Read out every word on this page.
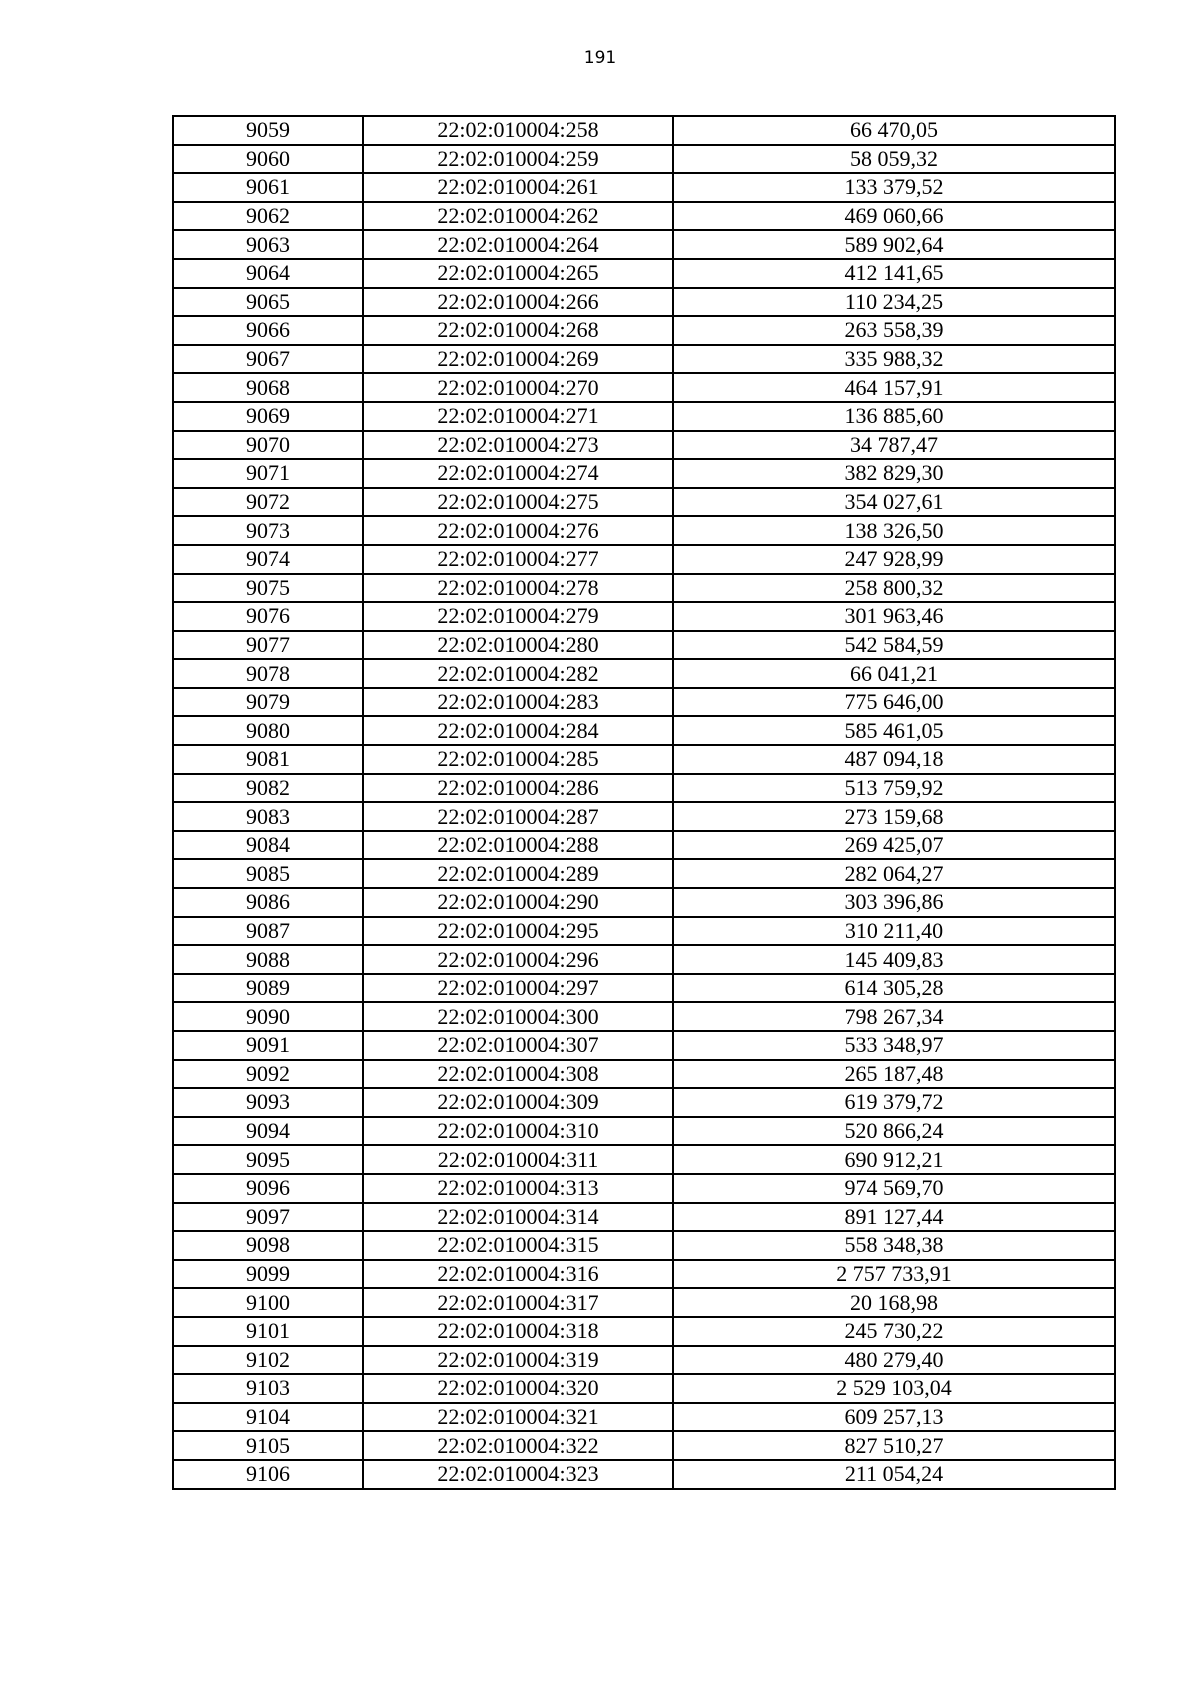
191
9059	22:02:010004:258	66 470,05
9060	22:02:010004:259	58 059,32
9061	22:02:010004:261	133 379,52
9062	22:02:010004:262	469 060,66
9063	22:02:010004:264	589 902,64
9064	22:02:010004:265	412 141,65
9065	22:02:010004:266	110 234,25
9066	22:02:010004:268	263 558,39
9067	22:02:010004:269	335 988,32
9068	22:02:010004:270	464 157,91
9069	22:02:010004:271	136 885,60
9070	22:02:010004:273	34 787,47
9071	22:02:010004:274	382 829,30
9072	22:02:010004:275	354 027,61
9073	22:02:010004:276	138 326,50
9074	22:02:010004:277	247 928,99
9075	22:02:010004:278	258 800,32
9076	22:02:010004:279	301 963,46
9077	22:02:010004:280	542 584,59
9078	22:02:010004:282	66 041,21
9079	22:02:010004:283	775 646,00
9080	22:02:010004:284	585 461,05
9081	22:02:010004:285	487 094,18
9082	22:02:010004:286	513 759,92
9083	22:02:010004:287	273 159,68
9084	22:02:010004:288	269 425,07
9085	22:02:010004:289	282 064,27
9086	22:02:010004:290	303 396,86
9087	22:02:010004:295	310 211,40
9088	22:02:010004:296	145 409,83
9089	22:02:010004:297	614 305,28
9090	22:02:010004:300	798 267,34
9091	22:02:010004:307	533 348,97
9092	22:02:010004:308	265 187,48
9093	22:02:010004:309	619 379,72
9094	22:02:010004:310	520 866,24
9095	22:02:010004:311	690 912,21
9096	22:02:010004:313	974 569,70
9097	22:02:010004:314	891 127,44
9098	22:02:010004:315	558 348,38
9099	22:02:010004:316	2 757 733,91
9100	22:02:010004:317	20 168,98
9101	22:02:010004:318	245 730,22
9102	22:02:010004:319	480 279,40
9103	22:02:010004:320	2 529 103,04
9104	22:02:010004:321	609 257,13
9105	22:02:010004:322	827 510,27
9106	22:02:010004:323	211 054,24
